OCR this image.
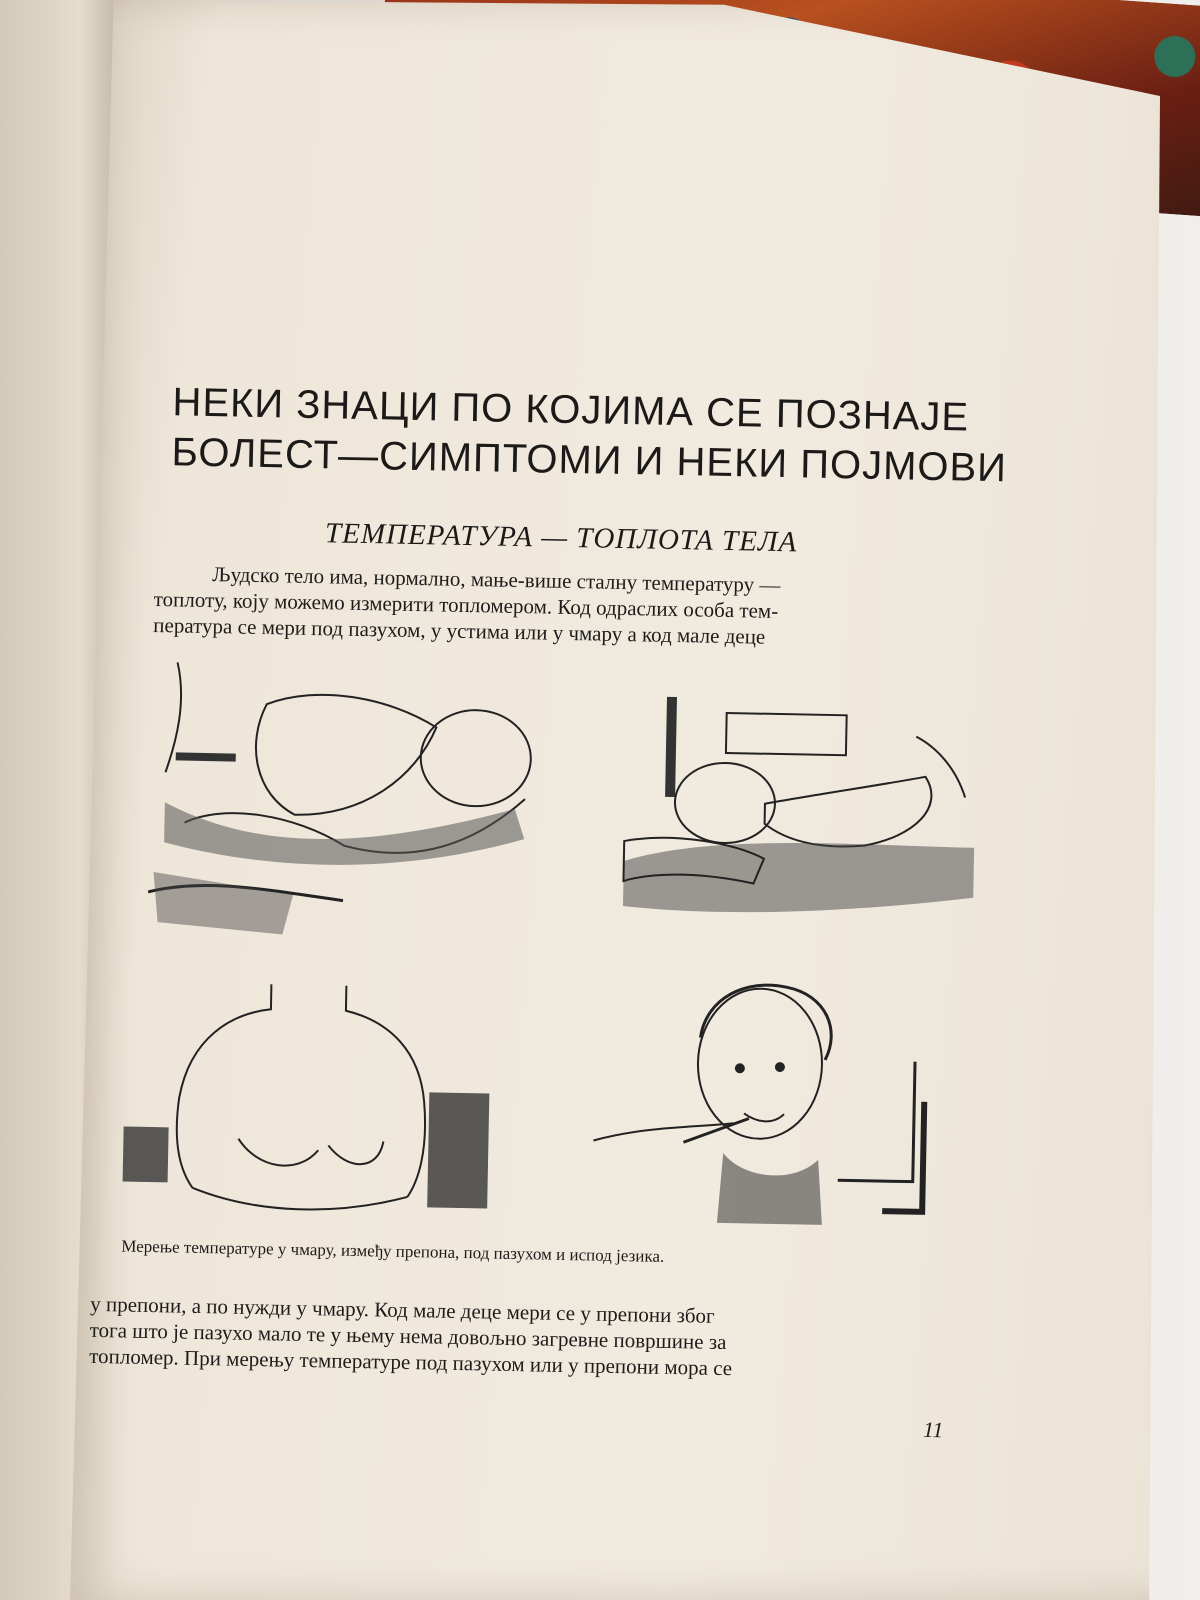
НЕКИ ЗНАЦИ ПО КОЈИМА СЕ ПОЗНАЈЕ
БОЛЕСТ—СИМПТОМИ И НЕКИ ПОЈМОВИ
ТЕМПЕРАТУРА — ТОПЛОТА ТЕЛА
Људско тело има, нормално, мање-више сталну температуру —
топлоту, коју можемо измерити топломером. Код одраслих особа тем-
пература се мери под пазухом, у устима или у чмару а код мале деце
Мерење температуре у чмару, између препона, под пазухом и испод језика.
у препони, а по нужди у чмару. Код мале деце мери се у препони због
тога што је пазухо мало те у њему нема довољно загревне површине за
топломер. При мерењу температуре под пазухом или у препони мора се
11
